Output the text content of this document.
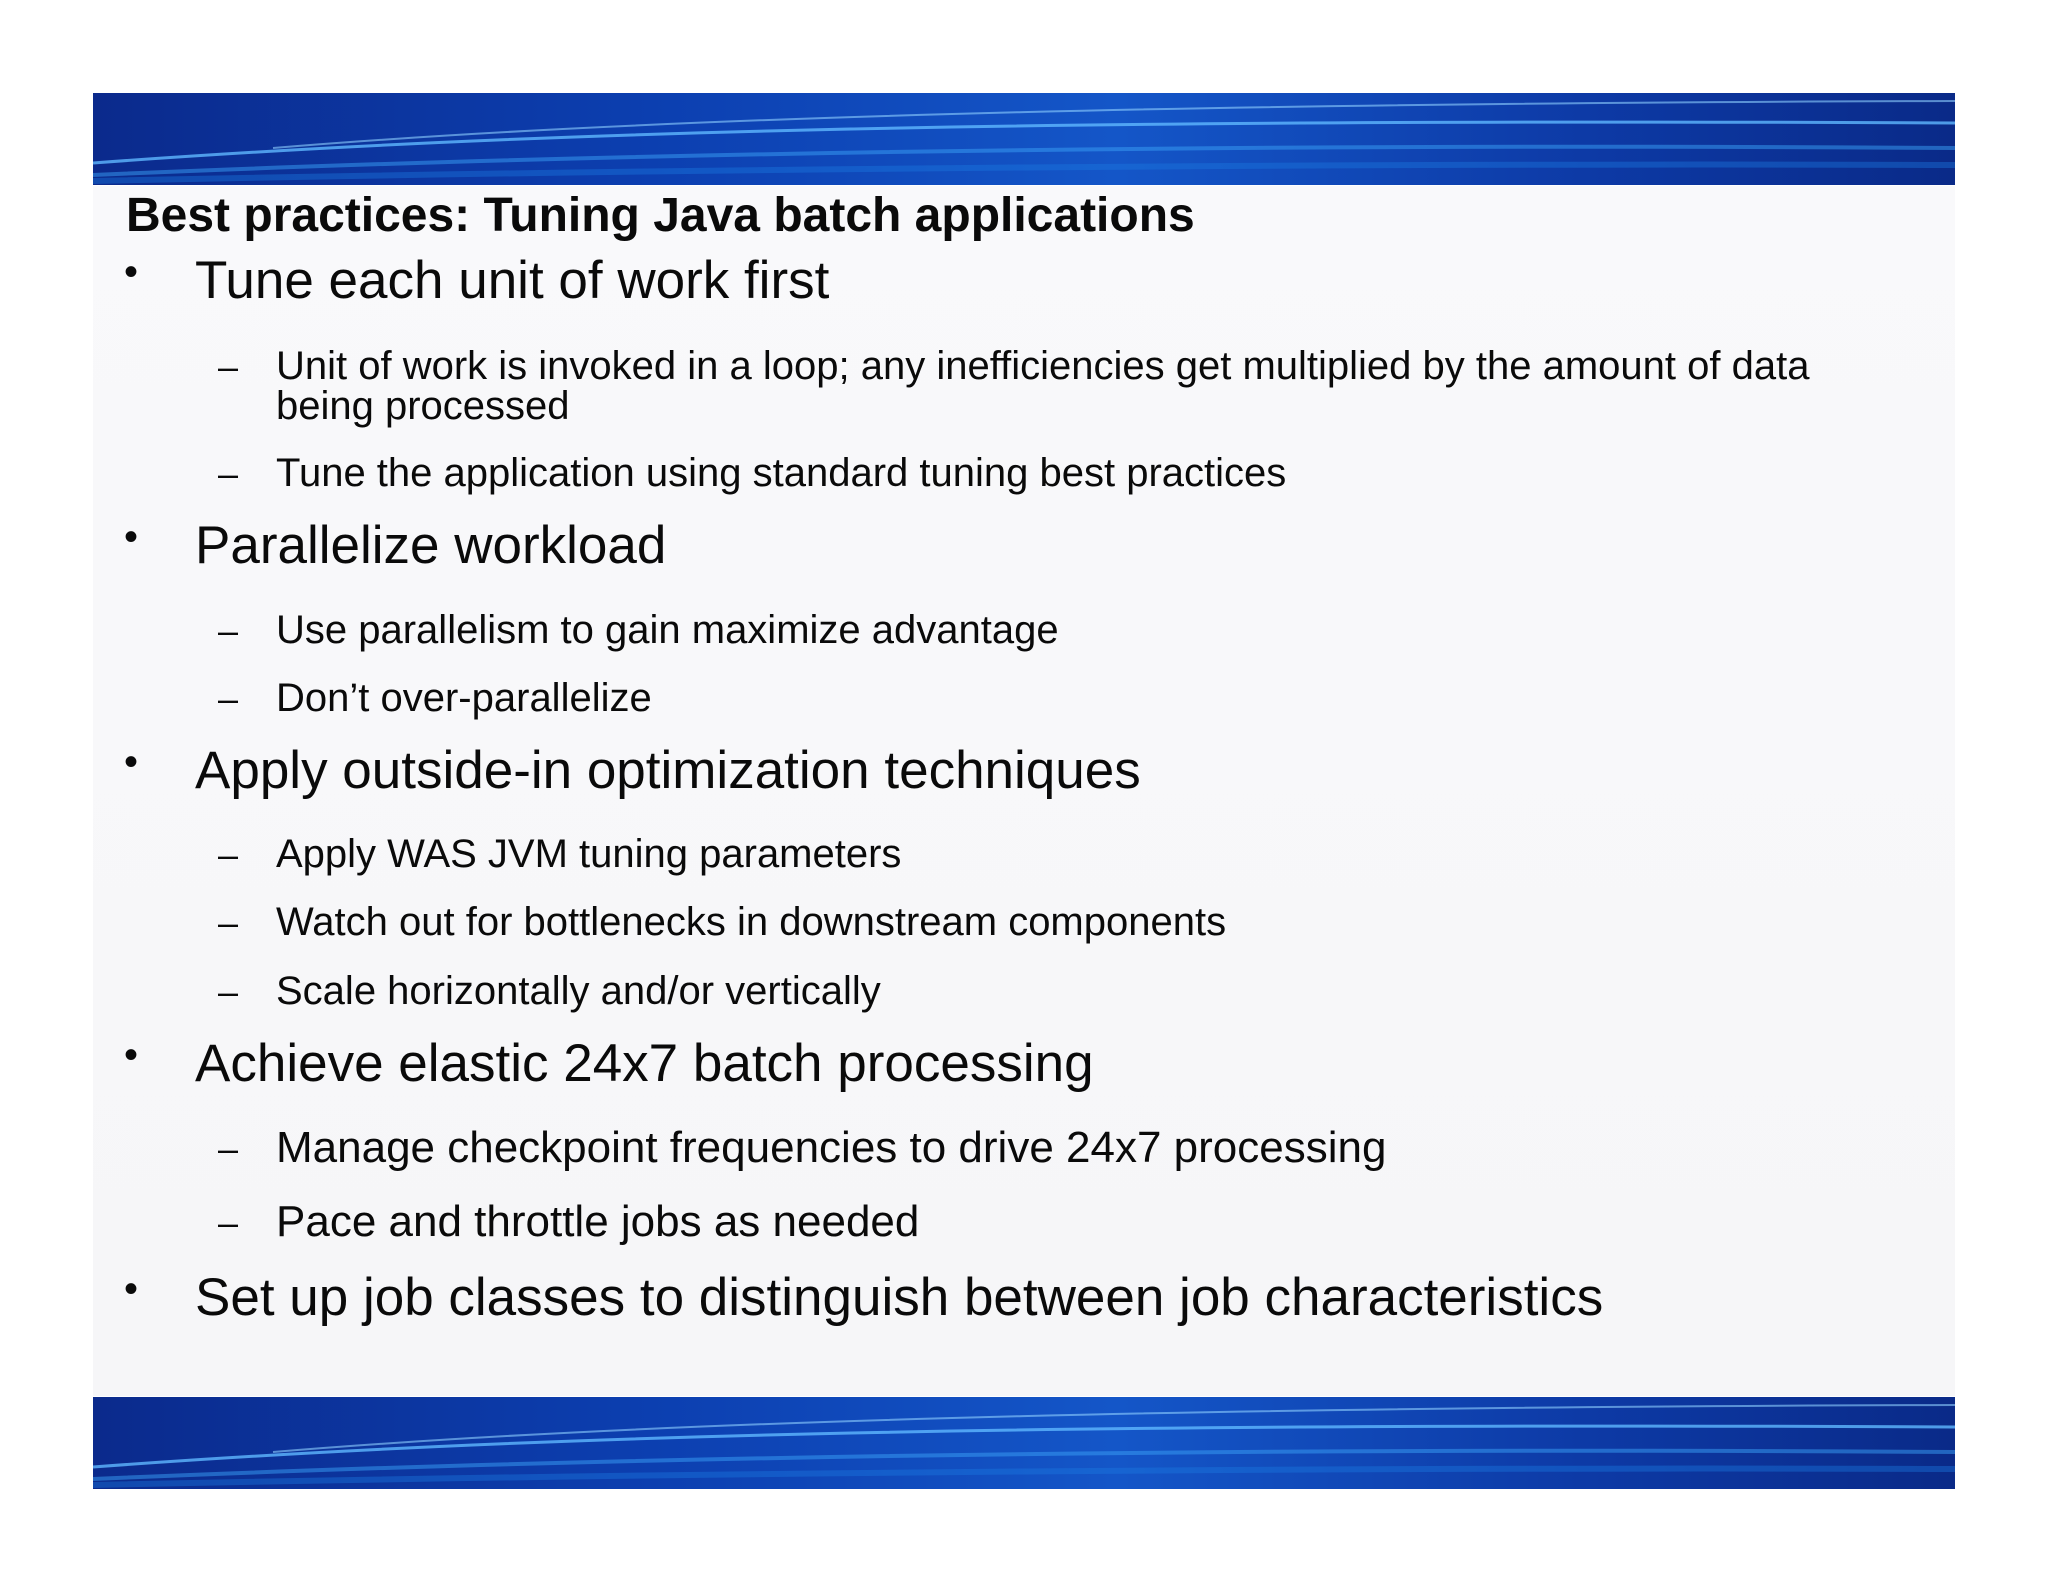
Best practices: Tuning Java batch applications
• Tune each unit of work first
– Unit of work is invoked in a loop; any inefficiencies get multiplied by the amount of data being processed
– Tune the application using standard tuning best practices
• Parallelize workload
– Use parallelism to gain maximize advantage
– Don’t over-parallelize
• Apply outside-in optimization techniques
– Apply WAS JVM tuning parameters
– Watch out for bottlenecks in downstream components
– Scale horizontally and/or vertically
• Achieve elastic 24x7 batch processing
– Manage checkpoint frequencies to drive 24x7 processing
– Pace and throttle jobs as needed
• Set up job classes to distinguish between job characteristics
